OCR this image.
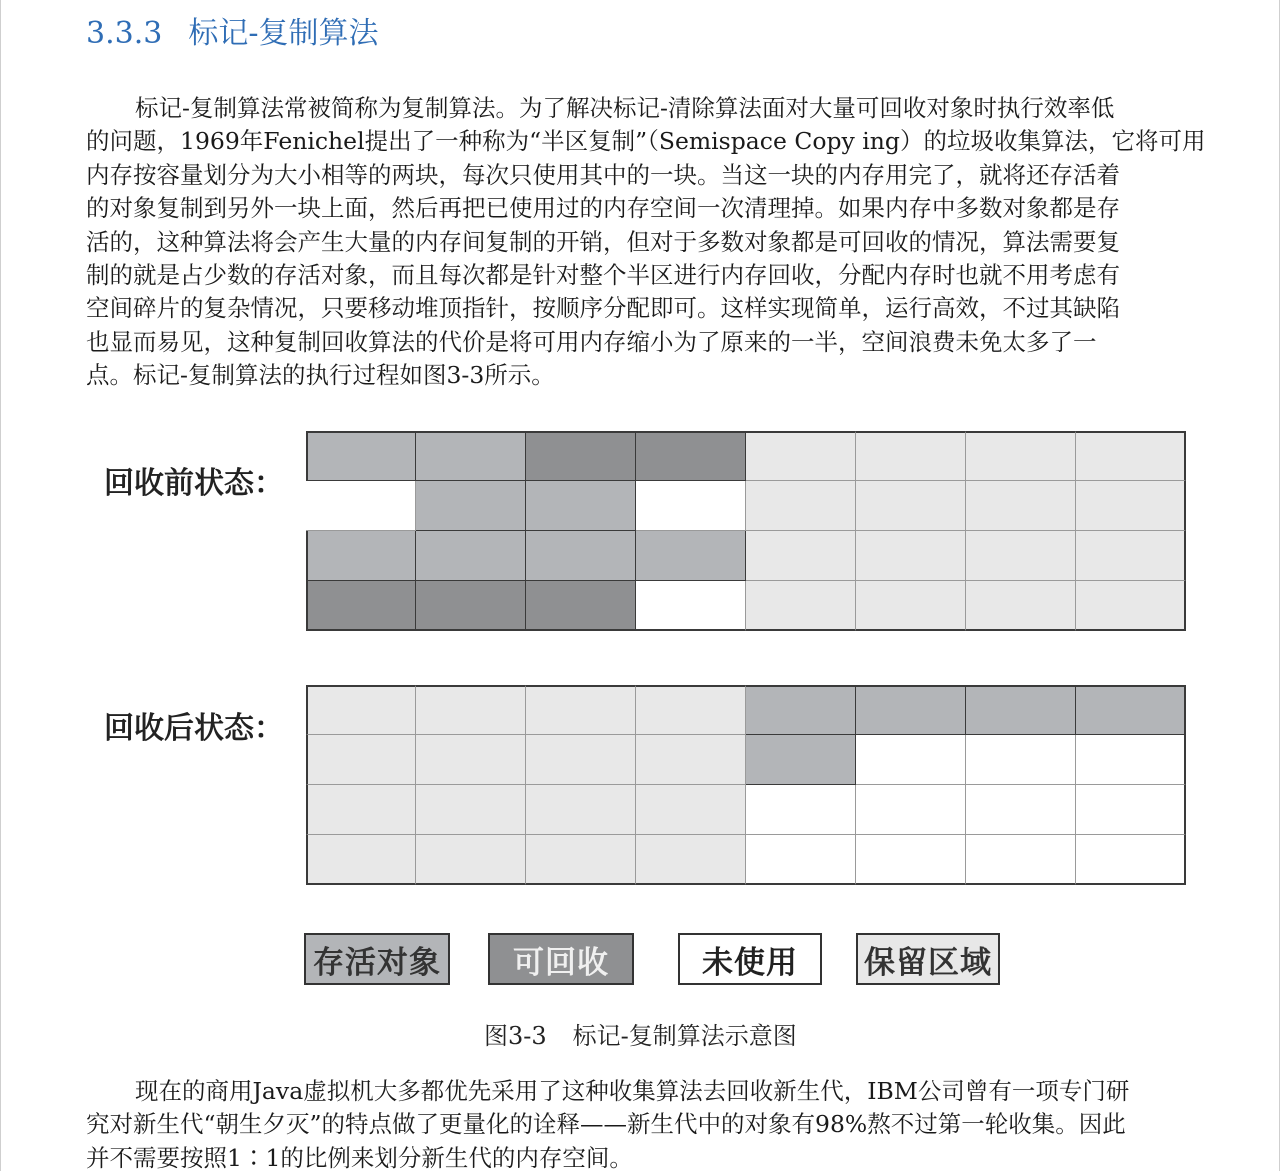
3.3.3 标记-复制算法

标记-复制算法常被简称为复制算法。为了解决标记-清除算法面对大量可回收对象时执行效率低
的问题，1969年Fenichel提出了一种称为“半区复制”（Semispace Copy ing）的垃圾收集算法，它将可用
内存按容量划分为大小相等的两块，每次只使用其中的一块。当这一块的内存用完了，就将还存活着
的对象复制到另外一块上面，然后再把已使用过的内存空间一次清理掉。如果内存中多数对象都是存
活的，这种算法将会产生大量的内存间复制的开销，但对于多数对象都是可回收的情况，算法需要复
制的就是占少数的存活对象，而且每次都是针对整个半区进行内存回收，分配内存时也就不用考虑有
空间碎片的复杂情况，只要移动堆顶指针，按顺序分配即可。这样实现简单，运行高效，不过其缺陷
也显而易见，这种复制回收算法的代价是将可用内存缩小为了原来的一半，空间浪费未免太多了一
点。标记-复制算法的执行过程如图3-3所示。

回收前状态：
回收后状态：
存活对象	可回收	未使用	保留区域
图3-3 标记-复制算法示意图

现在的商用Java虚拟机大多都优先采用了这种收集算法去回收新生代，IBM公司曾有一项专门研
究对新生代“朝生夕灭”的特点做了更量化的诠释——新生代中的对象有98%熬不过第一轮收集。因此
并不需要按照1∶1的比例来划分新生代的内存空间。
